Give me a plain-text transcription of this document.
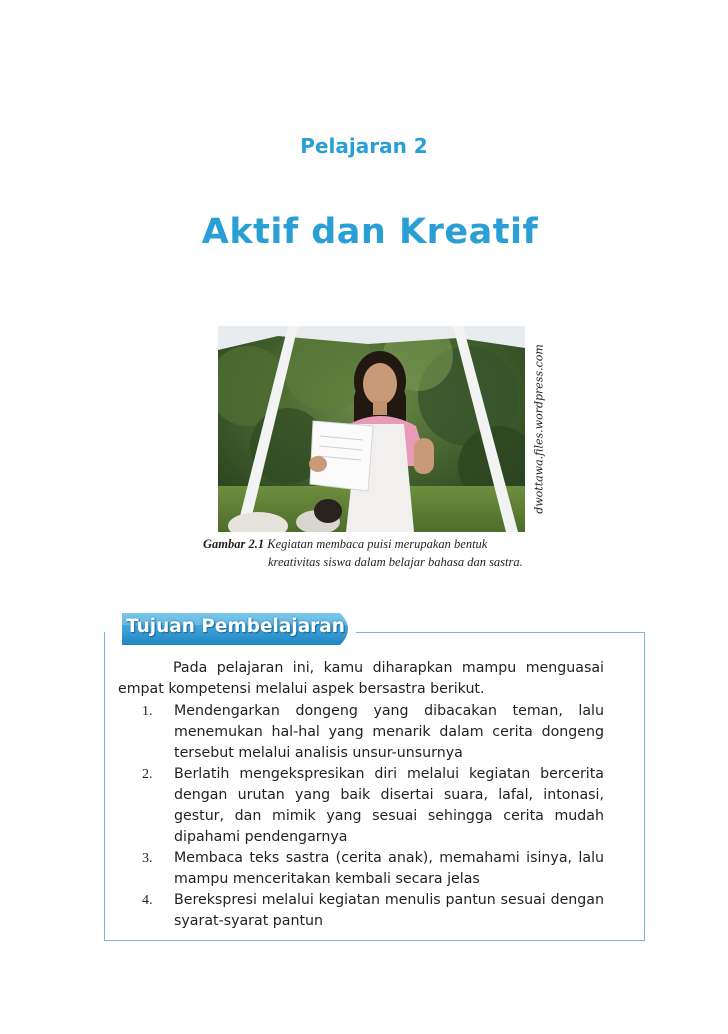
Pelajaran 2
Aktif dan Kreatif
dwottawa.files.wordpress.com
Gambar 2.1 Kegiatan membaca puisi merupakan bentuk
kreativitas siswa dalam belajar bahasa dan sastra.
Tujuan Pembelajaran

Pada pelajaran ini, kamu diharapkan mampu menguasai empat kompetensi melalui aspek bersastra berikut.

1. Mendengarkan dongeng yang dibacakan teman, lalu menemukan hal-hal yang menarik dalam cerita dongeng tersebut melalui analisis unsur-unsurnya

2. Berlatih mengekspresikan diri melalui kegiatan bercerita dengan urutan yang baik disertai suara, lafal, intonasi, gestur, dan mimik yang sesuai sehingga cerita mudah dipahami pendengarnya

3. Membaca teks sastra (cerita anak), memahami isinya, lalu mampu menceritakan kembali secara jelas

4. Berekspresi melalui kegiatan menulis pantun sesuai dengan syarat-syarat pantun
